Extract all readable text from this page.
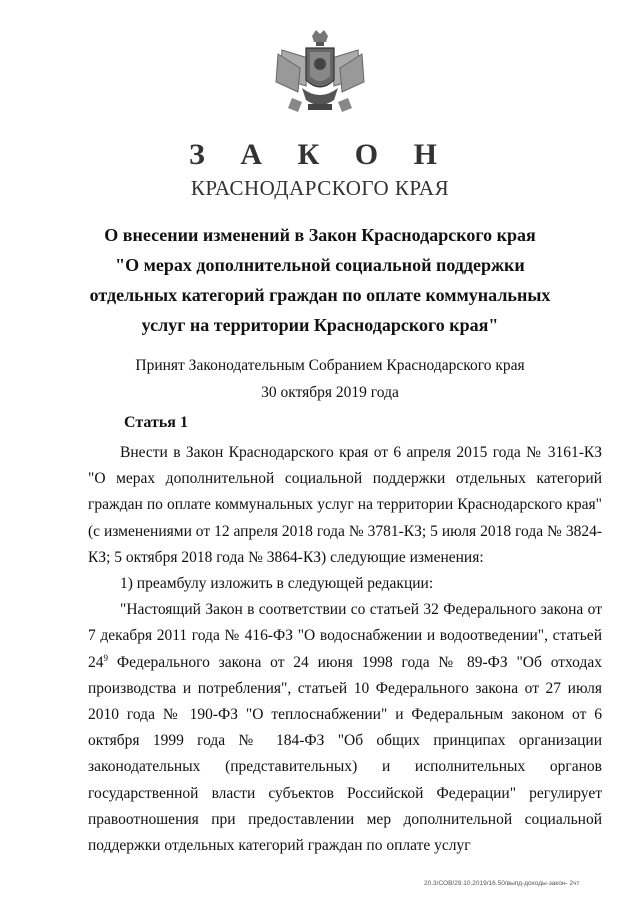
З А К О Н
КРАСНОДАРСКОГО КРАЯ
О внесении изменений в Закон Краснодарского края
"О мерах дополнительной социальной поддержки
отдельных категорий граждан по оплате коммунальных
услуг на территории Краснодарского края"
Принят Законодательным Собранием Краснодарского края
30 октября 2019 года
Статья 1

Внести в Закон Краснодарского края от 6 апреля 2015 года № 3161-КЗ "О мерах дополнительной социальной поддержки отдельных категорий граждан по оплате коммунальных услуг на территории Краснодарского края" (с изменениями от 12 апреля 2018 года № 3781-КЗ; 5 июля 2018 года № 3824-КЗ; 5 октября 2018 года № 3864-КЗ) следующие изменения:

1) преамбулу изложить в следующей редакции:

"Настоящий Закон в соответствии со статьей 32 Федерального закона от 7 декабря 2011 года № 416-ФЗ "О водоснабжении и водоотведении", статьей $24^9$ Федерального закона от 24 июня 1998 года № 89-ФЗ "Об отходах производства и потребления", статьей 10 Федерального закона от 27 июля 2010 года № 190-ФЗ "О теплоснабжении" и Федеральным законом от 6 октября 1999 года № 184-ФЗ "Об общих принципах организации законодательных (представительных) и исполнительных органов государственной власти субъектов Российской Федерации" регулирует правоотношения при предоставлении мер дополнительной социальной поддержки отдельных категорий граждан по оплате услуг

20.3/СОВ/29.10.2019/16.50/выпд-доходы-закон- 2чт
